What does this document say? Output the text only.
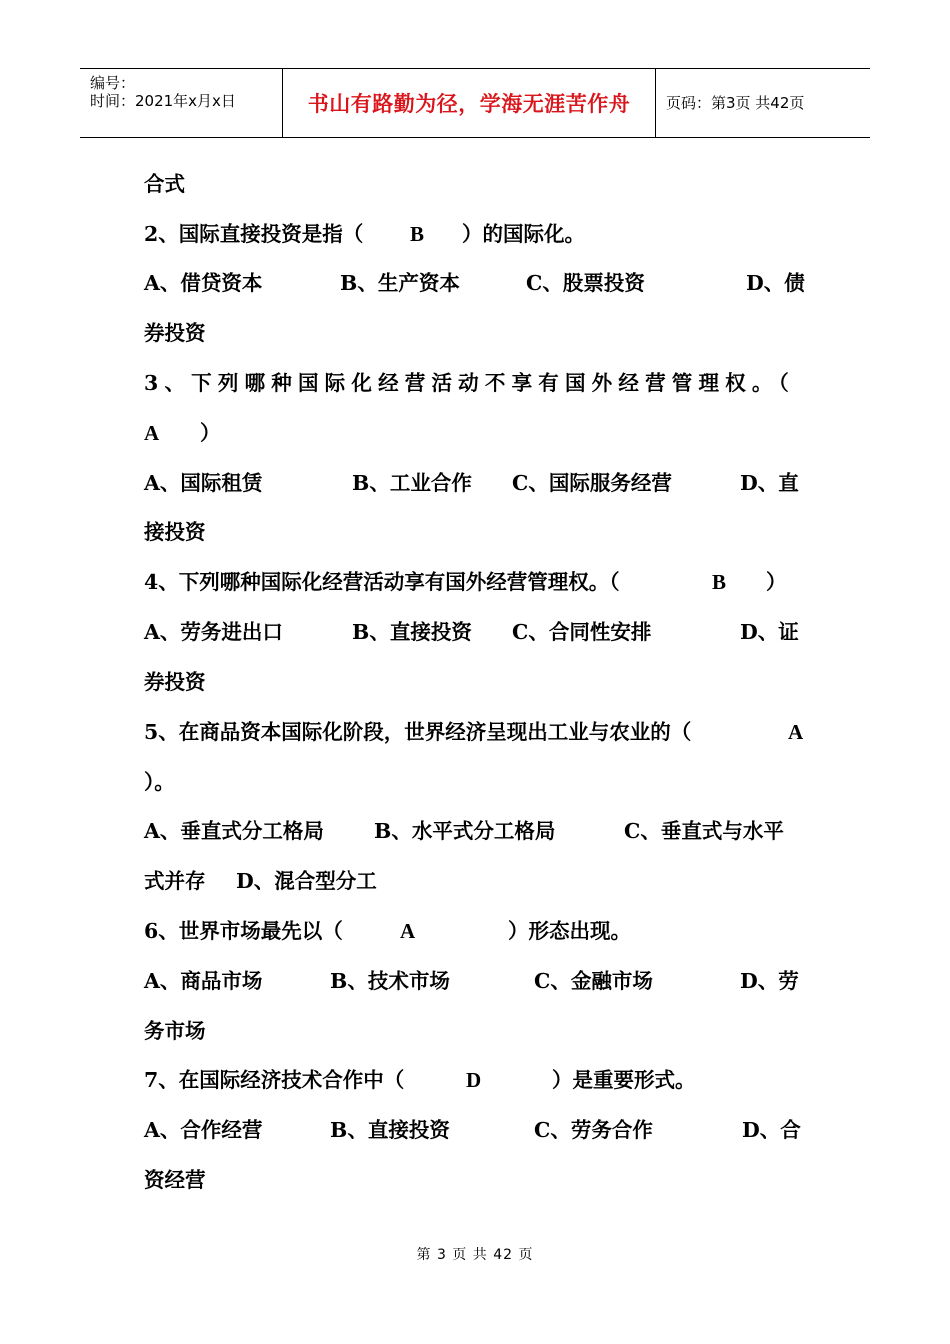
编号：
时间：2021年x月x日	书山有路勤为径，学海无涯苦作舟	页码：第3页 共42页
合式
2、国际直接投资是指（ B ）的国际化。
A、借贷资本	B、生产资本	C、股票投资	D、债
券投资
3、下列哪种国际化经营活动不享有国外经营管理权。（
A ）
A、国际租赁	B、工业合作 C、国际服务经营	D、直
接投资
4、下列哪种国际化经营活动享有国外经营管理权。（	B ）
A、劳务进出口	B、直接投资 C、合同性安排	D、证
券投资
5、在商品资本国际化阶段，世界经济呈现出工业与农业的（	A
）。
A、垂直式分工格局 B、水平式分工格局	C、垂直式与水平
式并存 D、混合型分工
6、世界市场最先以（	A	）形态出现。
A、商品市场	B、技术市场	C、金融市场	D、劳
务市场
7、在国际经济技术合作中（	D	）是重要形式。
A、合作经营	B、直接投资	C、劳务合作	D、合
资经营
第 3 页 共 42 页
